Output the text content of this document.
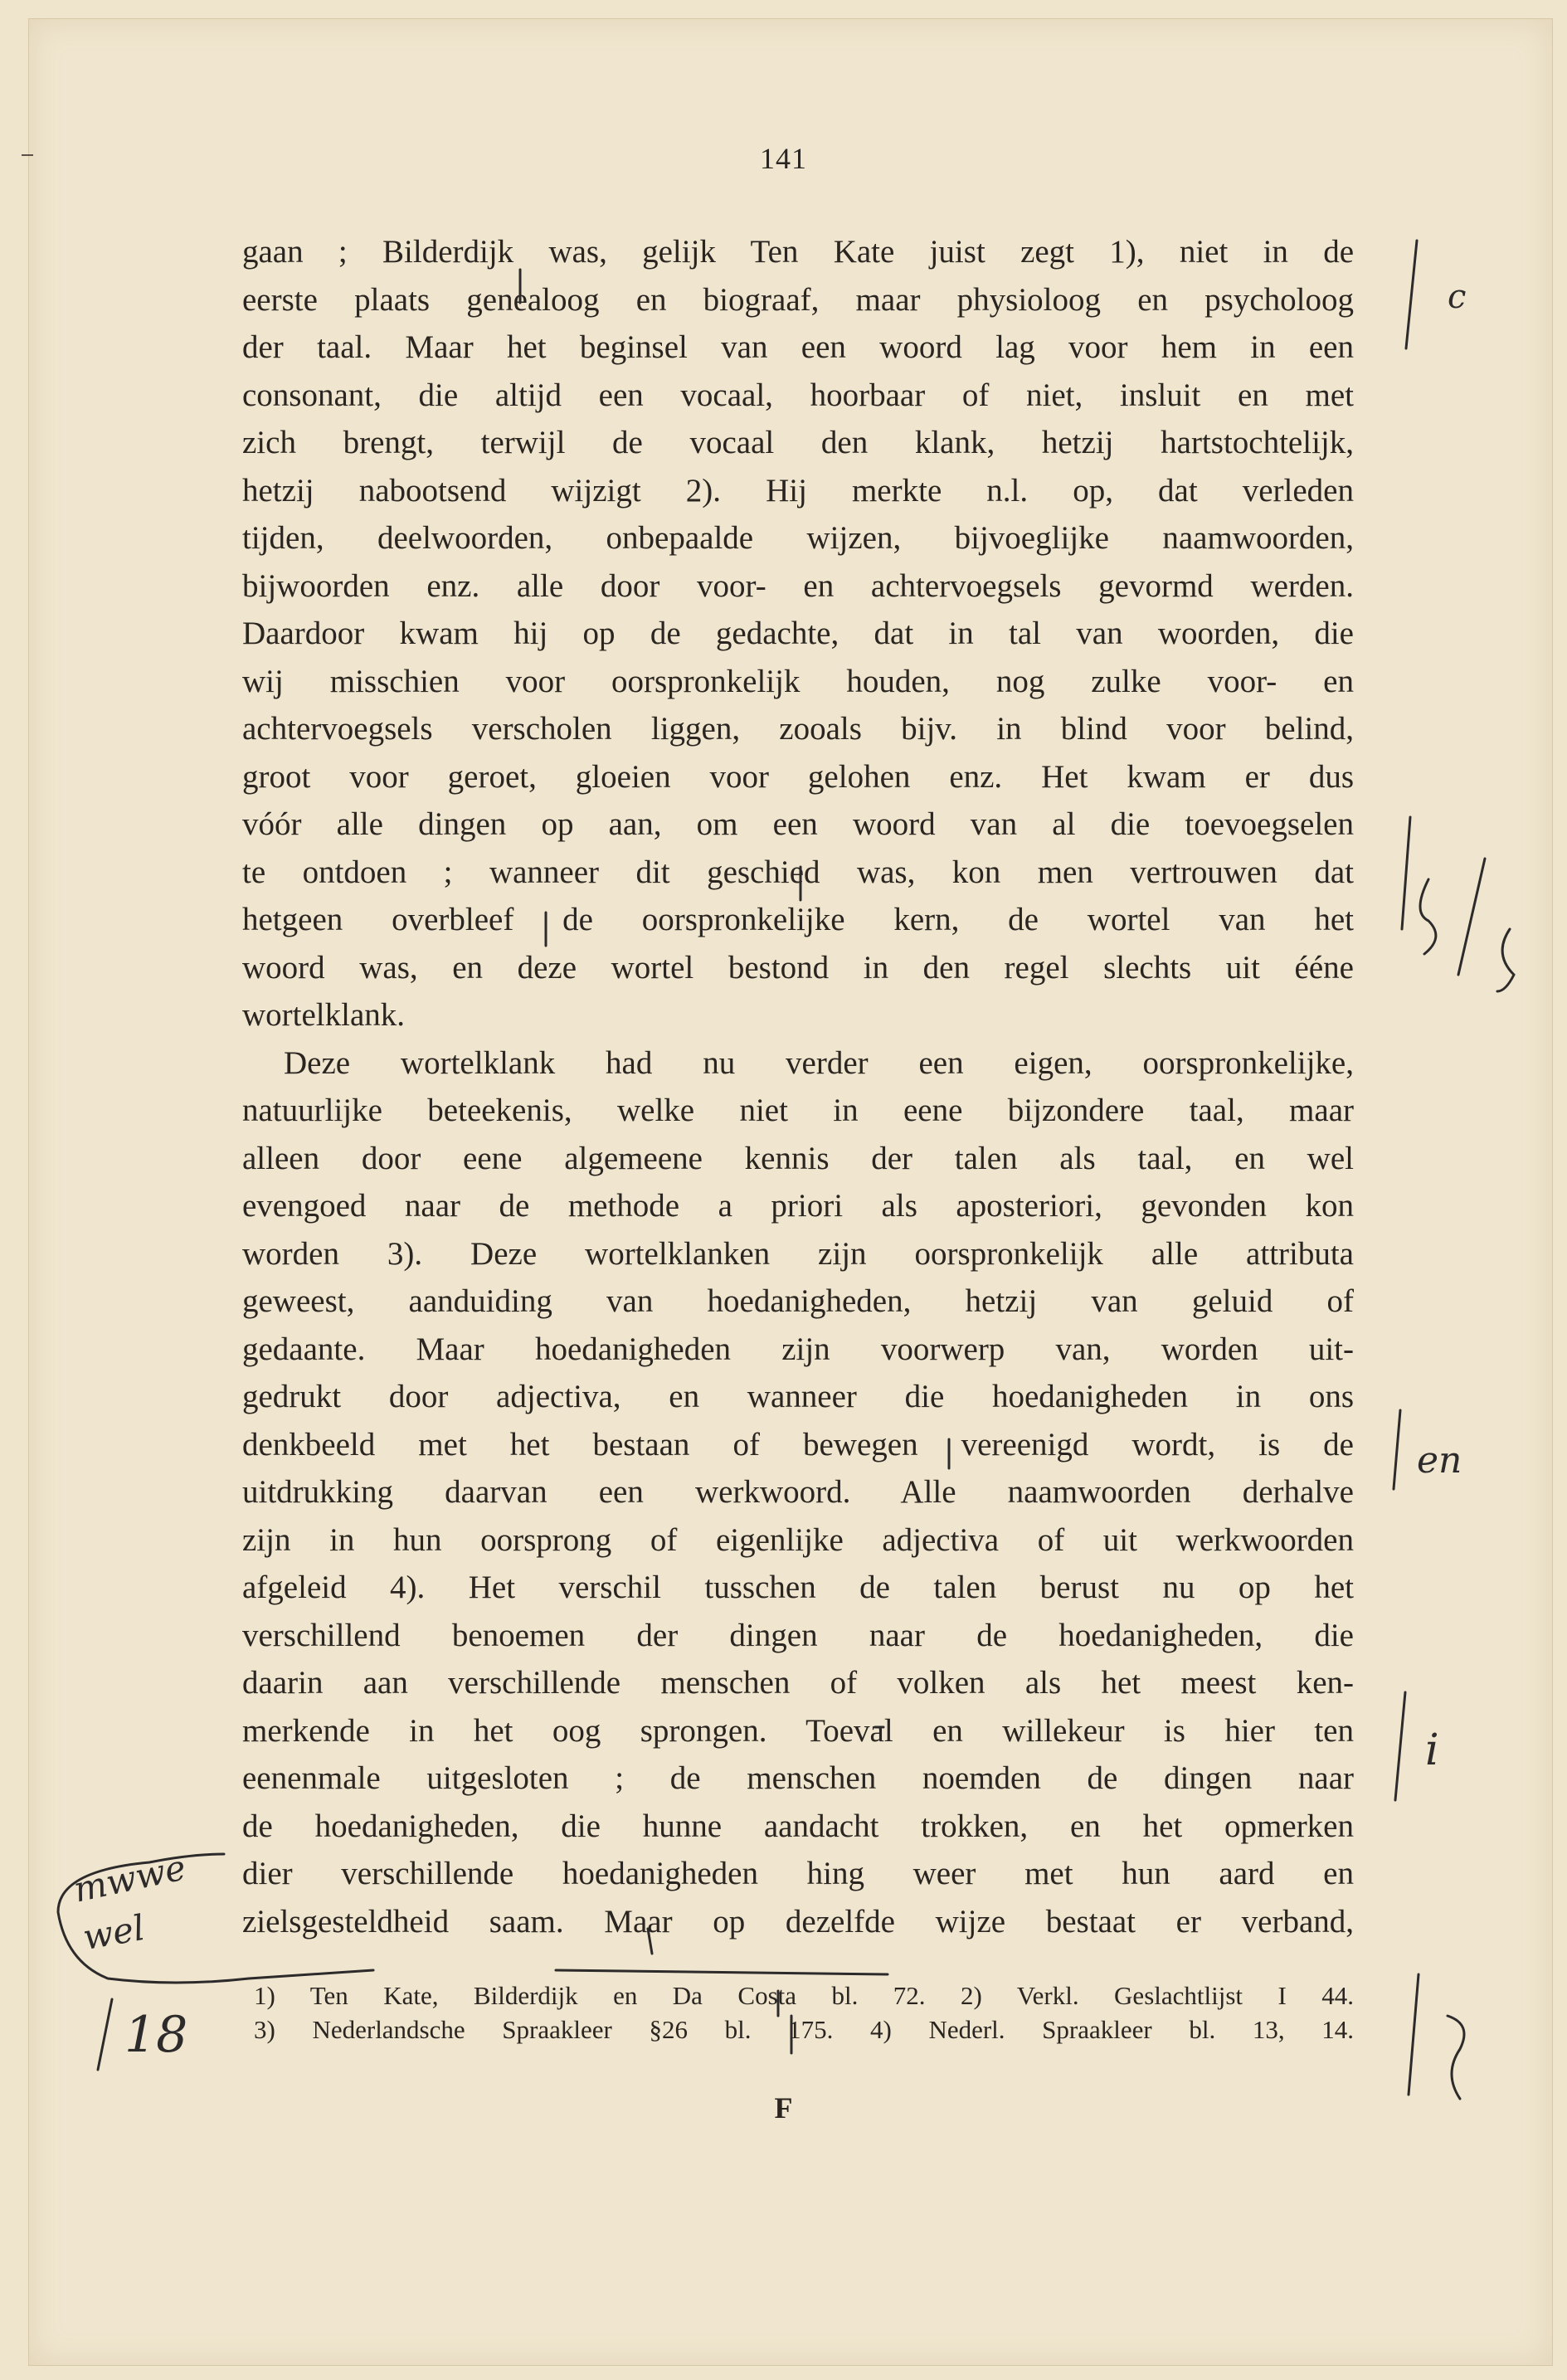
141
gaan ; Bilderdijk was, gelijk Ten Kate juist zegt 1), niet in de
eerste plaats genealoog en biograaf, maar physioloog en psycholoog
der taal. Maar het beginsel van een woord lag voor hem in een
consonant, die altijd een vocaal, hoorbaar of niet, insluit en met
zich brengt, terwijl de vocaal den klank, hetzij hartstochtelijk,
hetzij nabootsend wijzigt 2). Hij merkte n.l. op, dat verleden
tijden, deelwoorden, onbepaalde wijzen, bijvoeglijke naamwoorden,
bijwoorden enz. alle door voor- en achtervoegsels gevormd werden.
Daardoor kwam hij op de gedachte, dat in tal van woorden, die
wij misschien voor oorspronkelijk houden, nog zulke voor- en
achtervoegsels verscholen liggen, zooals bijv. in blind voor belind,
groot voor geroet, gloeien voor gelohen enz. Het kwam er dus
vóór alle dingen op aan, om een woord van al die toevoegselen
te ontdoen ; wanneer dit geschied was, kon men vertrouwen dat
hetgeen overbleef de oorspronkelijke kern, de wortel van het
woord was, en deze wortel bestond in den regel slechts uit ééne
wortelklank.
Deze wortelklank had nu verder een eigen, oorspronkelijke,
natuurlijke beteekenis, welke niet in eene bijzondere taal, maar
alleen door eene algemeene kennis der talen als taal, en wel
evengoed naar de methode a priori als aposteriori, gevonden kon
worden 3). Deze wortelklanken zijn oorspronkelijk alle attributa
geweest, aanduiding van hoedanigheden, hetzij van geluid of
gedaante. Maar hoedanigheden zijn voorwerp van, worden uit-
gedrukt door adjectiva, en wanneer die hoedanigheden in ons
denkbeeld met het bestaan of bewegen vereenigd wordt, is de
uitdrukking daarvan een werkwoord. Alle naamwoorden derhalve
zijn in hun oorsprong of eigenlijke adjectiva of uit werkwoorden
afgeleid 4). Het verschil tusschen de talen berust nu op het
verschillend benoemen der dingen naar de hoedanigheden, die
daarin aan verschillende menschen of volken als het meest ken-
merkende in het oog sprongen. Toeval en willekeur is hier ten
eenenmale uitgesloten ; de menschen noemden de dingen naar
de hoedanigheden, die hunne aandacht trokken, en het opmerken
dier verschillende hoedanigheden hing weer met hun aard en
zielsgesteldheid saam. Maar op dezelfde wijze bestaat er verband,
1) Ten Kate, Bilderdijk en Da Costa bl. 72. 2) Verkl. Geslachtlijst I 44.
3) Nederlandsche Spraakleer §26 bl. 175. 4) Nederl. Spraakleer bl. 13, 14.
F
c
en
i
mwwe
wel
18
